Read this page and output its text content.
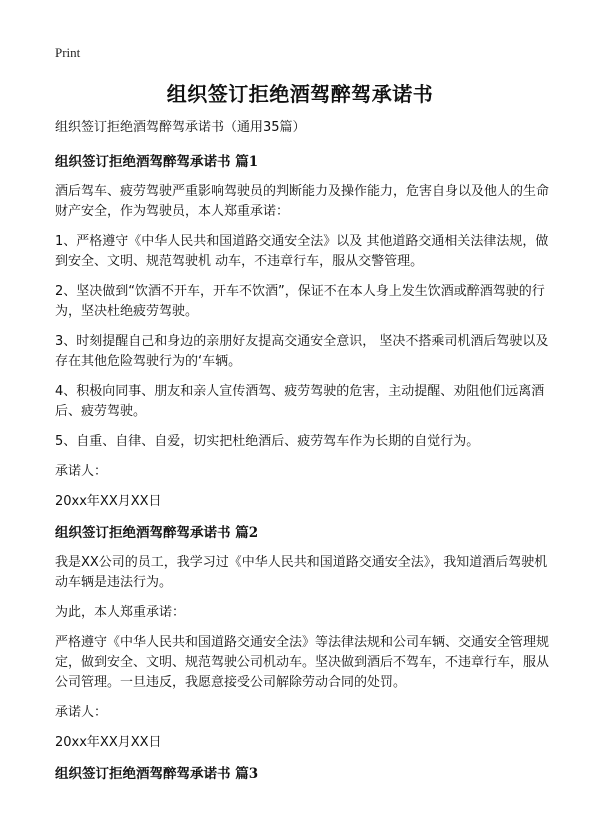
Print
组织签订拒绝酒驾醉驾承诺书

组织签订拒绝酒驾醉驾承诺书（通用35篇）

组织签订拒绝酒驾醉驾承诺书 篇1

酒后驾车、疲劳驾驶严重影响驾驶员的判断能力及操作能力，危害自身以及他人的生命财产安全，作为驾驶员，本人郑重承诺：

1、严格遵守《中华人民共和国道路交通安全法》以及 其他道路交通相关法律法规，做到安全、文明、规范驾驶机 动车，不违章行车，服从交警管理。

2、坚决做到“饮酒不开车，开车不饮酒”，保证不在本人身上发生饮酒或醉酒驾驶的行为，坚决杜绝疲劳驾驶。

3、时刻提醒自己和身边的亲朋好友提高交通安全意识， 坚决不搭乘司机酒后驾驶以及存在其他危险驾驶行为的‘车辆。

4、积极向同事、朋友和亲人宣传酒驾、疲劳驾驶的危害，主动提醒、劝阻他们远离酒后、疲劳驾驶。

5、自重、自律、自爱，切实把杜绝酒后、疲劳驾车作为长期的自觉行为。

承诺人：

20xx年XX月XX日

组织签订拒绝酒驾醉驾承诺书 篇2

我是XX公司的员工，我学习过《中华人民共和国道路交通安全法》，我知道酒后驾驶机动车辆是违法行为。

为此，本人郑重承诺：

严格遵守《中华人民共和国道路交通安全法》等法律法规和公司车辆、交通安全管理规定，做到安全、文明、规范驾驶公司机动车。坚决做到酒后不驾车，不违章行车，服从公司管理。一旦违反，我愿意接受公司解除劳动合同的处罚。

承诺人：

20xx年XX月XX日

组织签订拒绝酒驾醉驾承诺书 篇3
